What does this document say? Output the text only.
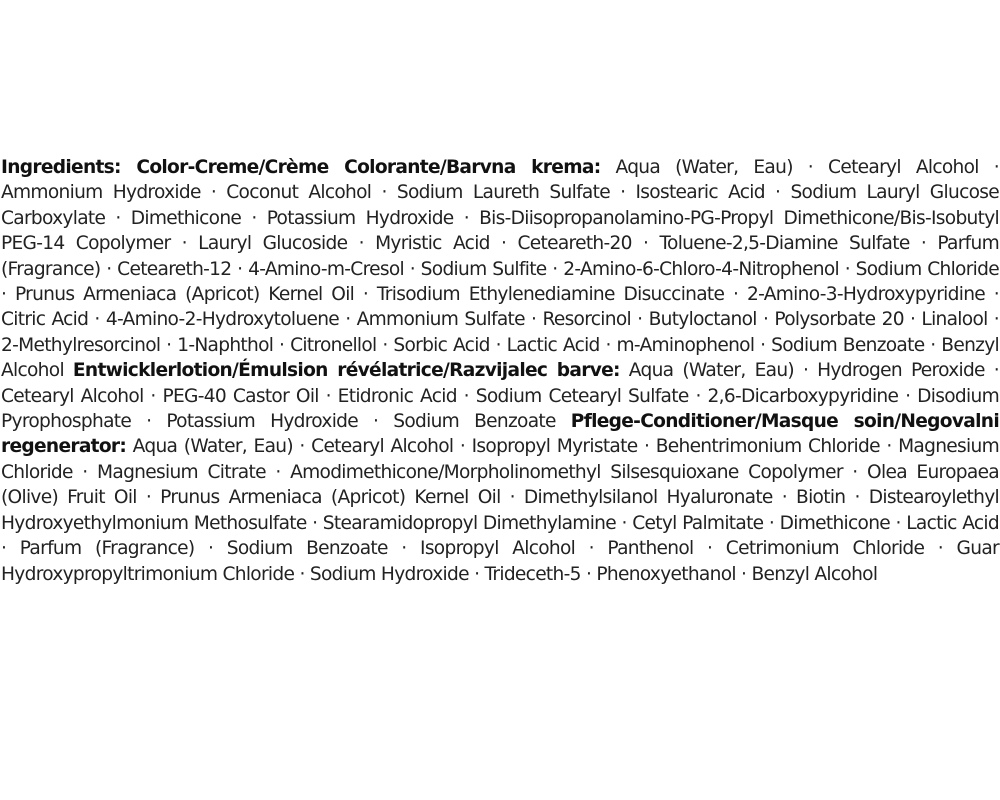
Ingredients: Color-Creme/Crème Colorante/Barvna krema: Aqua (Water, Eau) · Cetearyl Alcohol · Ammonium Hydroxide · Coconut Alcohol · Sodium Laureth Sulfate · Isostearic Acid · Sodium Lauryl Glucose Carboxylate · Dimethicone · Potassium Hydroxide · Bis-Diisopropanolamino-PG-Propyl Dimethicone/Bis-Isobutyl PEG-14 Copolymer · Lauryl Glucoside · Myristic Acid · Ceteareth-20 · Toluene-2,5-Diamine Sulfate · Parfum (Fragrance) · Ceteareth-12 · 4-Amino-m-Cresol · Sodium Sulfite · 2-Amino-6-Chloro-4-Nitrophenol · Sodium Chloride · Prunus Armeniaca (Apricot) Kernel Oil · Trisodium Ethylenediamine Disuccinate · 2-Amino-3-Hydroxypyridine · Citric Acid · 4-Amino-2-Hydroxytoluene · Ammonium Sulfate · Resorcinol · Butyloctanol · Polysorbate 20 · Linalool · 2-Methylresorcinol · 1-Naphthol · Citronellol · Sorbic Acid · Lactic Acid · m-Aminophenol · Sodium Benzoate · Benzyl Alcohol Entwicklerlotion/Émulsion révélatrice/Razvijalec barve: Aqua (Water, Eau) · Hydrogen Peroxide · Cetearyl Alcohol · PEG-40 Castor Oil · Etidronic Acid · Sodium Cetearyl Sulfate · 2,6-Dicarboxypyridine · Disodium Pyrophosphate · Potassium Hydroxide · Sodium Benzoate Pflege-Conditioner/Masque soin/Negovalni regenerator: Aqua (Water, Eau) · Cetearyl Alcohol · Isopropyl Myristate · Behentrimonium Chloride · Magnesium Chloride · Magnesium Citrate · Amodimethicone/Morpholinomethyl Silsesquioxane Copolymer · Olea Europaea (Olive) Fruit Oil · Prunus Armeniaca (Apricot) Kernel Oil · Dimethylsilanol Hyaluronate · Biotin · Distearoylethyl Hydroxyethylmonium Methosulfate · Stearamidopropyl Dimethylamine · Cetyl Palmitate · Dimethicone · Lactic Acid · Parfum (Fragrance) · Sodium Benzoate · Isopropyl Alcohol · Panthenol · Cetrimonium Chloride · Guar Hydroxypropyltrimonium Chloride · Sodium Hydroxide · Trideceth-5 · Phenoxyethanol · Benzyl Alcohol
